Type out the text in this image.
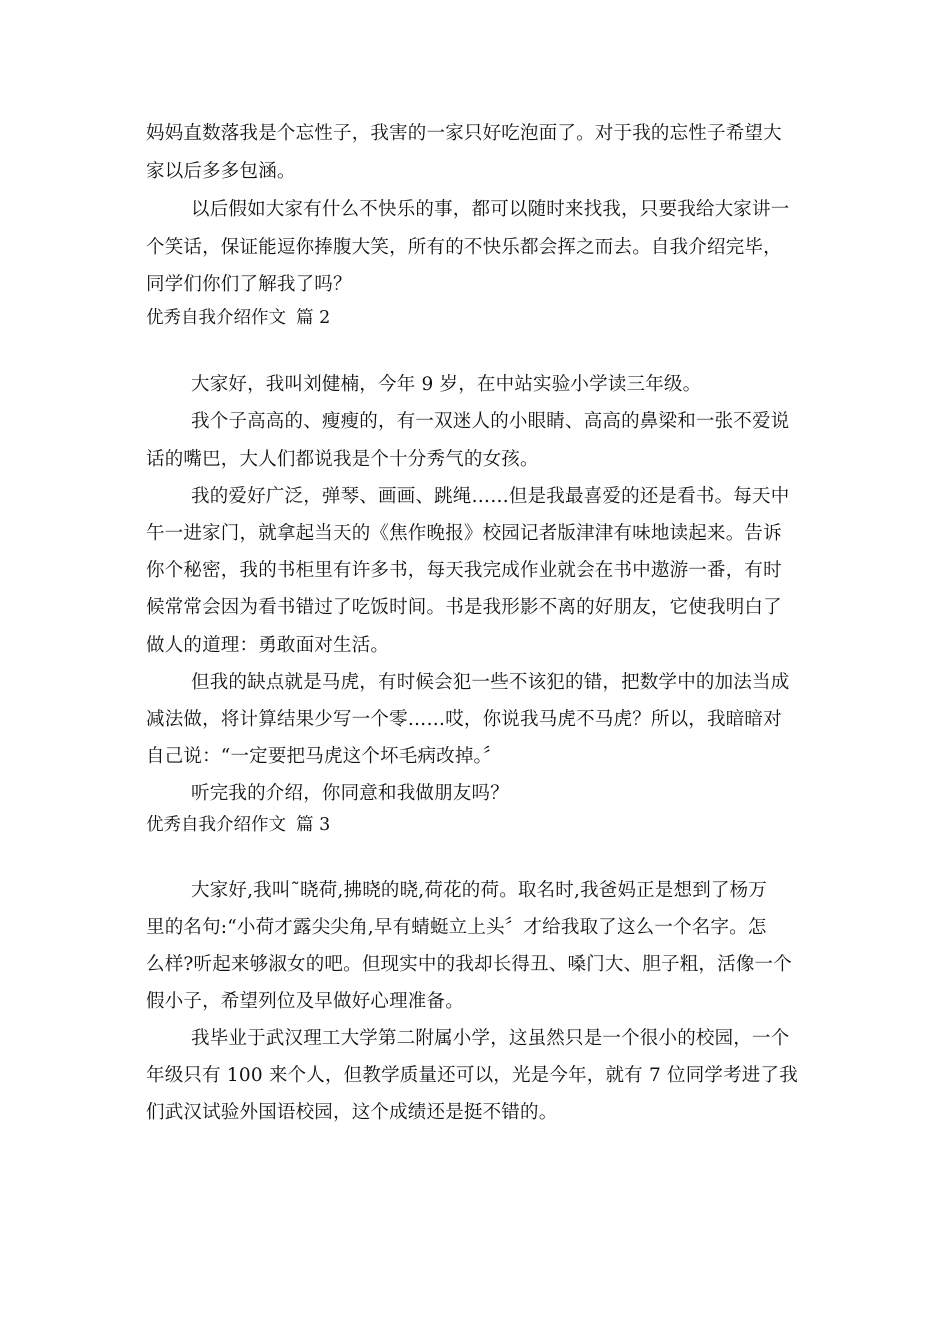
妈妈直数落我是个忘性子，我害的一家只好吃泡面了。对于我的忘性子希望大
家以后多多包涵。
以后假如大家有什么不快乐的事，都可以随时来找我，只要我给大家讲一
个笑话，保证能逗你捧腹大笑，所有的不快乐都会挥之而去。自我介绍完毕，
同学们你们了解我了吗？
优秀自我介绍作文 篇 2
大家好，我叫刘健楠，今年 9 岁，在中站实验小学读三年级。
我个子高高的、瘦瘦的，有一双迷人的小眼睛、高高的鼻梁和一张不爱说
话的嘴巴，大人们都说我是个十分秀气的女孩。
我的爱好广泛，弹琴、画画、跳绳……但是我最喜爱的还是看书。每天中
午一进家门，就拿起当天的《焦作晚报》校园记者版津津有味地读起来。告诉
你个秘密，我的书柜里有许多书，每天我完成作业就会在书中遨游一番，有时
候常常会因为看书错过了吃饭时间。书是我形影不离的好朋友，它使我明白了
做人的道理：勇敢面对生活。
但我的缺点就是马虎，有时候会犯一些不该犯的错，把数学中的加法当成
减法做，将计算结果少写一个零……哎，你说我马虎不马虎？所以，我暗暗对
自己说：“一定要把马虎这个坏毛病改掉。〞
听完我的介绍，你同意和我做朋友吗？
优秀自我介绍作文 篇 3
大家好,我叫˜晓荷,拂晓的晓,荷花的荷。取名时,我爸妈正是想到了杨万
里的名句:“小荷才露尖尖角,早有蜻蜓立上头〞才给我取了这么一个名字。怎
么样?听起来够淑女的吧。但现实中的我却长得丑、嗓门大、胆子粗，活像一个
假小子，希望列位及早做好心理准备。
我毕业于武汉理工大学第二附属小学，这虽然只是一个很小的校园，一个
年级只有 100 来个人，但教学质量还可以，光是今年，就有 7 位同学考进了我
们武汉试验外国语校园，这个成绩还是挺不错的。
